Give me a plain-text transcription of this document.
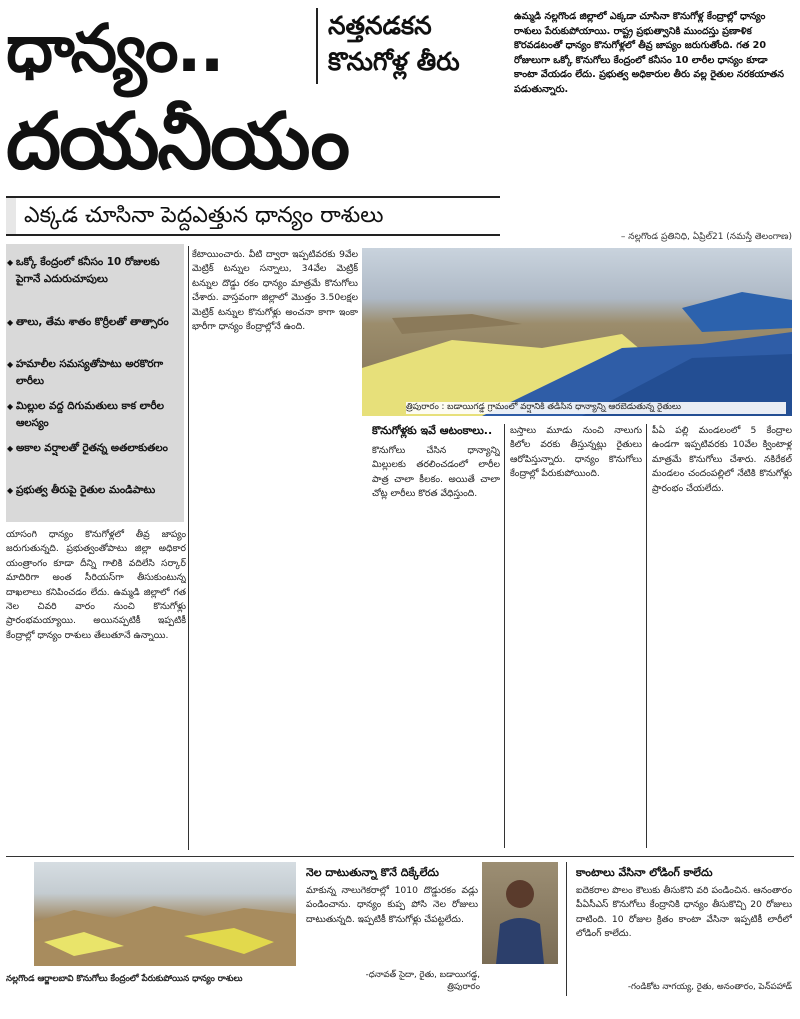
ధాన్యం..	నత్తనడకన
కొనుగోళ్ల తీరు
దయనీయం
ఎక్కడ చూసినా పెద్దఎత్తున ధాన్యం రాశులు
ఉమ్మడి నల్లగొండ జిల్లాలో ఎక్కడా చూసినా కొనుగోళ్ల కేంద్రాల్లో ధాన్యం రాశులు పేరుకుపోయాయి. రాష్ట్ర ప్రభుత్వానికి ముందస్తు ప్రణాళిక కొరవడటంతో ధాన్యం కొనుగోళ్లలో తీవ్ర జాప్యం జరుగుతోంది. గత 20 రోజులుగా ఒక్కో కొనుగోలు కేంద్రంలో కనీసం 10 లారీల ధాన్యం కూడా కాంటా వేయడం లేదు. ప్రభుత్వ అధికారుల తీరు వల్ల రైతుల నరకయాతన పడుతున్నారు.
– నల్లగొండ ప్రతినిధి, ఏప్రిల్21 (నమస్తే తెలంగాణ)
◆ ఒక్కో కేంద్రంలో కనీసం 10 రోజులకు పైగానే ఎదురుచూపులు
◆ తాలు, తేమ శాతం కొర్రీలతో తాత్సారం
◆ హమాలీల సమస్యతోపాటు అరకొరగా లారీలు
◆ మిల్లుల వద్ద దిగుమతులు కాక లారీల ఆలస్యం
◆ అకాల వర్షాలతో రైతన్న అతలాకుతలం
◆ ప్రభుత్వ తీరుపై రైతుల మండిపాటు
యాసంగి ధాన్యం కొనుగోళ్లలో తీవ్ర జాప్యం జరుగుతున్నది. ప్రభుత్వంతోపాటు జిల్లా అధికార యంత్రాంగం కూడా దీన్ని గాలికి వదిలేసి సర్కార్ మాదిరిగా అంత సీరియస్‌గా తీసుకుంటున్న దాఖలాలు కనిపించడం లేదు. ఉమ్మడి జిల్లాలో గత నెల చివరి వారం నుంచి కొనుగోళ్లు ప్రారంభమయ్యాయి. అయినప్పటికీ ఇప్పటికీ కేంద్రాల్లో ధాన్యం రాశులు తేలుతూనే ఉన్నాయి.
కేటాయించారు. వీటి ద్వారా ఇప్పటివరకు 9వేల మెట్రిక్ టన్నుల సన్నాలు, 34వేల మెట్రిక్ టన్నుల దొడ్డు రకం ధాన్యం మాత్రమే కొనుగోలు చేశారు. వాస్తవంగా జిల్లాలో మొత్తం 3.50లక్షల మెట్రిక్ టన్నుల కొనుగోళ్లు అంచనా కాగా ఇంకా భారీగా ధాన్యం కేంద్రాల్లోనే ఉంది.
త్రిపురారం : బడాయిగడ్డ గ్రామంలో వర్షానికి తడిసిన ధాన్యాన్ని ఆరబెడుతున్న రైతులు
కొనుగోళ్లకు ఇవే ఆటంకాలు..
కొనుగోలు చేసిన ధాన్యాన్ని మిల్లులకు తరలించడంలో లారీల పాత్ర చాలా కీలకం. అయితే చాలా చోట్ల లారీలు కొరత వేధిస్తుంది.
బస్తాలు మూడు నుంచి నాలుగు కిలోల వరకు తీస్తున్నట్లు రైతులు ఆరోపిస్తున్నారు. ధాన్యం కొనుగోలు కేంద్రాల్లో పేరుకుపోయింది.
పీఏ పల్లి మండలంలో 5 కేంద్రాల ఉండగా ఇప్పటివరకు 10వేల క్వింటాళ్ల మాత్రమే కొనుగోలు చేశారు. నకిరేకల్ మండలం చందంపల్లిలో నేటికి కొనుగోళ్లు ప్రారంభం చేయలేదు.
నల్లగొండ ఆర్జాలబావి కొనుగోలు కేంద్రంలో పేరుకుపోయిన ధాన్యం రాశులు
నెల దాటుతున్నా కొనే దిక్కేలేదు
మాకున్న నాలుగెకరాల్లో 1010 దొడ్డురకం వడ్లు పండించాను. ధాన్యం కుప్ప పోసి నెల రోజులు దాటుతున్నది. ఇప్పటికీ కొనుగోళ్లు చేపట్టలేదు.
-ధనావత్ సైదా, రైతు, బడాయిగడ్డ, త్రిపురారం
కాంటాలు వేసినా లోడింగ్ కాలేదు
ఐదెకరాల పొలం కౌలుకు తీసుకొని వరి పండించిన. ఆనంతారం పీఏసీఎస్ కొనుగోలు కేంద్రానికి ధాన్యం తీసుకొచ్చి 20 రోజులు దాటింది. 10 రోజుల క్రితం కాంటా వేసినా ఇప్పటికీ లారీలో లోడింగ్ కాలేదు.
-గండికోట నాగయ్య, రైతు, అనంతారం, పెన్‌పహాడ్
